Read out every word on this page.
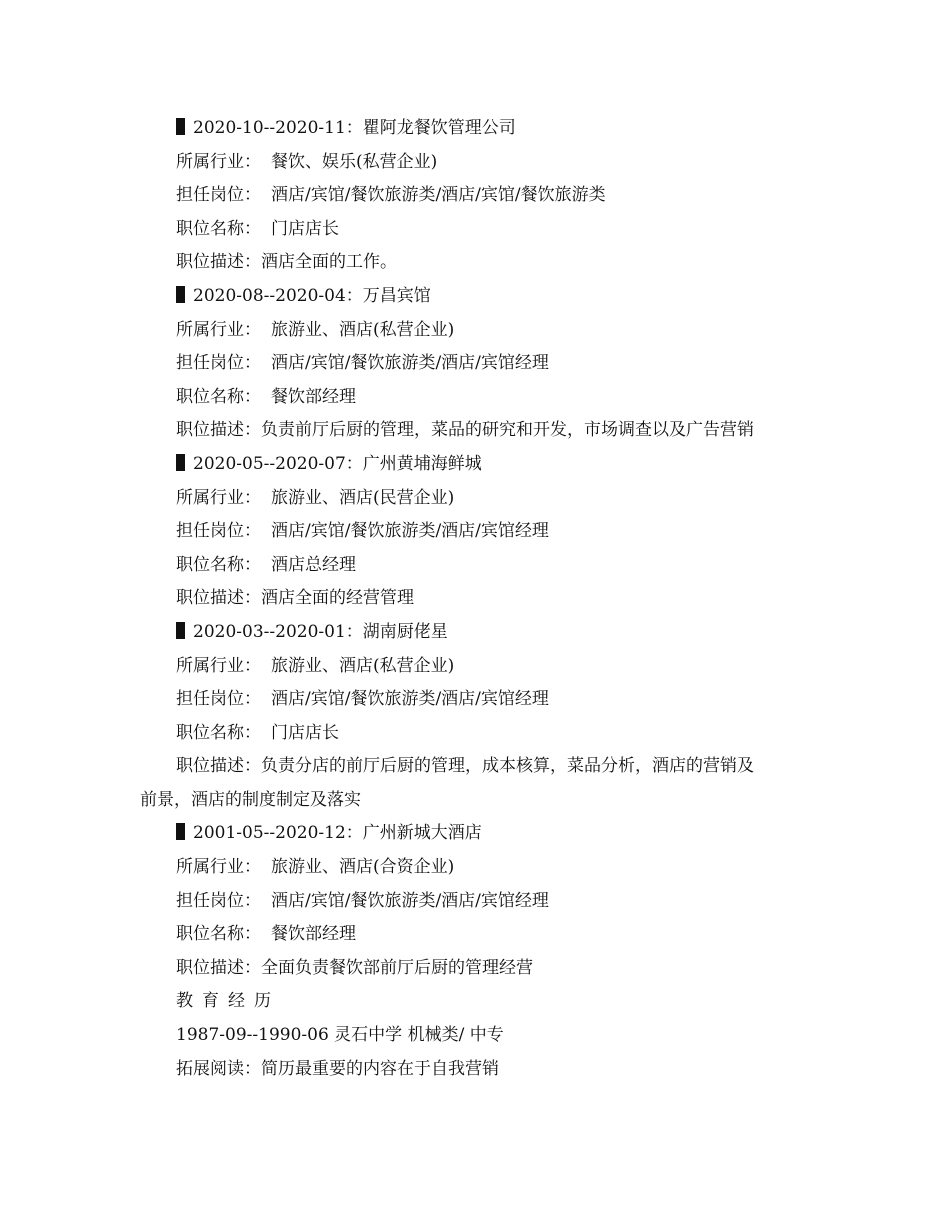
2020-10--2020-11：瞿阿龙餐饮管理公司
所属行业： 餐饮、娱乐(私营企业)
担任岗位： 酒店/宾馆/餐饮旅游类/酒店/宾馆/餐饮旅游类
职位名称： 门店店长
职位描述：酒店全面的工作。
2020-08--2020-04：万昌宾馆
所属行业： 旅游业、酒店(私营企业)
担任岗位： 酒店/宾馆/餐饮旅游类/酒店/宾馆经理
职位名称： 餐饮部经理
职位描述：负责前厅后厨的管理，菜品的研究和开发，市场调查以及广告营销
2020-05--2020-07：广州黄埔海鲜城
所属行业： 旅游业、酒店(民营企业)
担任岗位： 酒店/宾馆/餐饮旅游类/酒店/宾馆经理
职位名称： 酒店总经理
职位描述：酒店全面的经营管理
2020-03--2020-01：湖南厨佬星
所属行业： 旅游业、酒店(私营企业)
担任岗位： 酒店/宾馆/餐饮旅游类/酒店/宾馆经理
职位名称： 门店店长
职位描述：负责分店的前厅后厨的管理，成本核算，菜品分析，酒店的营销及
前景，酒店的制度制定及落实
2001-05--2020-12：广州新城大酒店
所属行业： 旅游业、酒店(合资企业)
担任岗位： 酒店/宾馆/餐饮旅游类/酒店/宾馆经理
职位名称： 餐饮部经理
职位描述：全面负责餐饮部前厅后厨的管理经营
教育经历
1987-09--1990-06 灵石中学 机械类/ 中专
拓展阅读：简历最重要的内容在于自我营销
